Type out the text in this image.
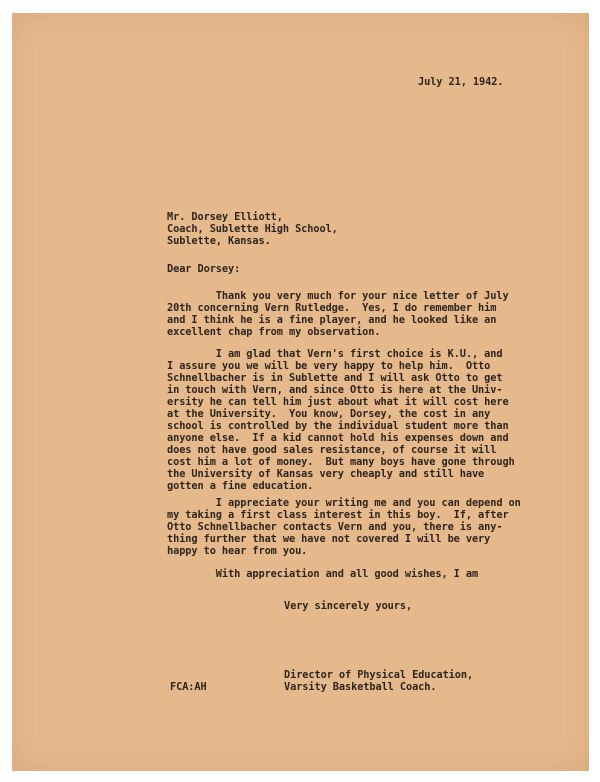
July 21, 1942.

Mr. Dorsey Elliott,

Coach, Sublette High School,

Sublette, Kansas.

Dear Dorsey:

Thank you very much for your nice letter of July

20th concerning Vern Rutledge.  Yes, I do remember him

and I think he is a fine player, and he looked like an

excellent chap from my observation.

I am glad that Vern's first choice is K.U., and

I assure you we will be very happy to help him.  Otto

Schnellbacher is in Sublette and I will ask Otto to get

in touch with Vern, and since Otto is here at the Univ-

ersity he can tell him just about what it will cost here

at the University.  You know, Dorsey, the cost in any

school is controlled by the individual student more than

anyone else.  If a kid cannot hold his expenses down and

does not have good sales resistance, of course it will

cost him a lot of money.  But many boys have gone through

the University of Kansas very cheaply and still have

gotten a fine education.

I appreciate your writing me and you can depend on

my taking a first class interest in this boy.  If, after

Otto Schnellbacher contacts Vern and you, there is any-

thing further that we have not covered I will be very

happy to hear from you.

With appreciation and all good wishes, I am

Very sincerely yours,

Director of Physical Education,

Varsity Basketball Coach.

FCA:AH
